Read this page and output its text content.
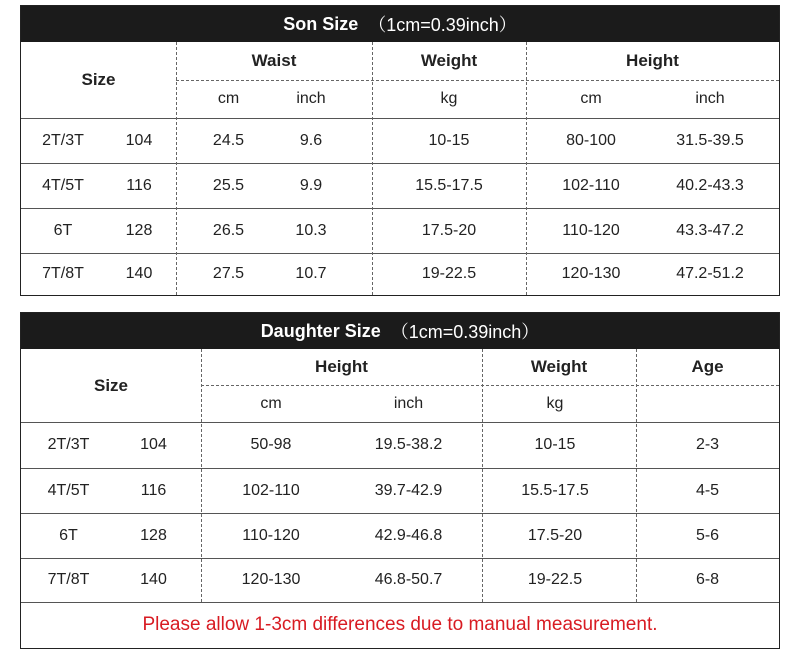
Son Size （1cm=0.39inch）
Size
Waist	Weight	Height
cm	inch	kg	cm	inch
2T/3T	104	24.5	9.6	10-15	80-100	31.5-39.5
4T/5T	116	25.5	9.9	15.5-17.5	102-110	40.2-43.3
6T	128	26.5	10.3	17.5-20	110-120	43.3-47.2
7T/8T	140	27.5	10.7	19-22.5	120-130	47.2-51.2
Daughter Size （1cm=0.39inch）
Size
Height	Weight	Age
cm	inch	kg
2T/3T	104	50-98	19.5-38.2	10-15	2-3
4T/5T	116	102-110	39.7-42.9	15.5-17.5	4-5
6T	128	110-120	42.9-46.8	17.5-20	5-6
7T/8T	140	120-130	46.8-50.7	19-22.5	6-8
Please allow 1-3cm differences due to manual measurement.
